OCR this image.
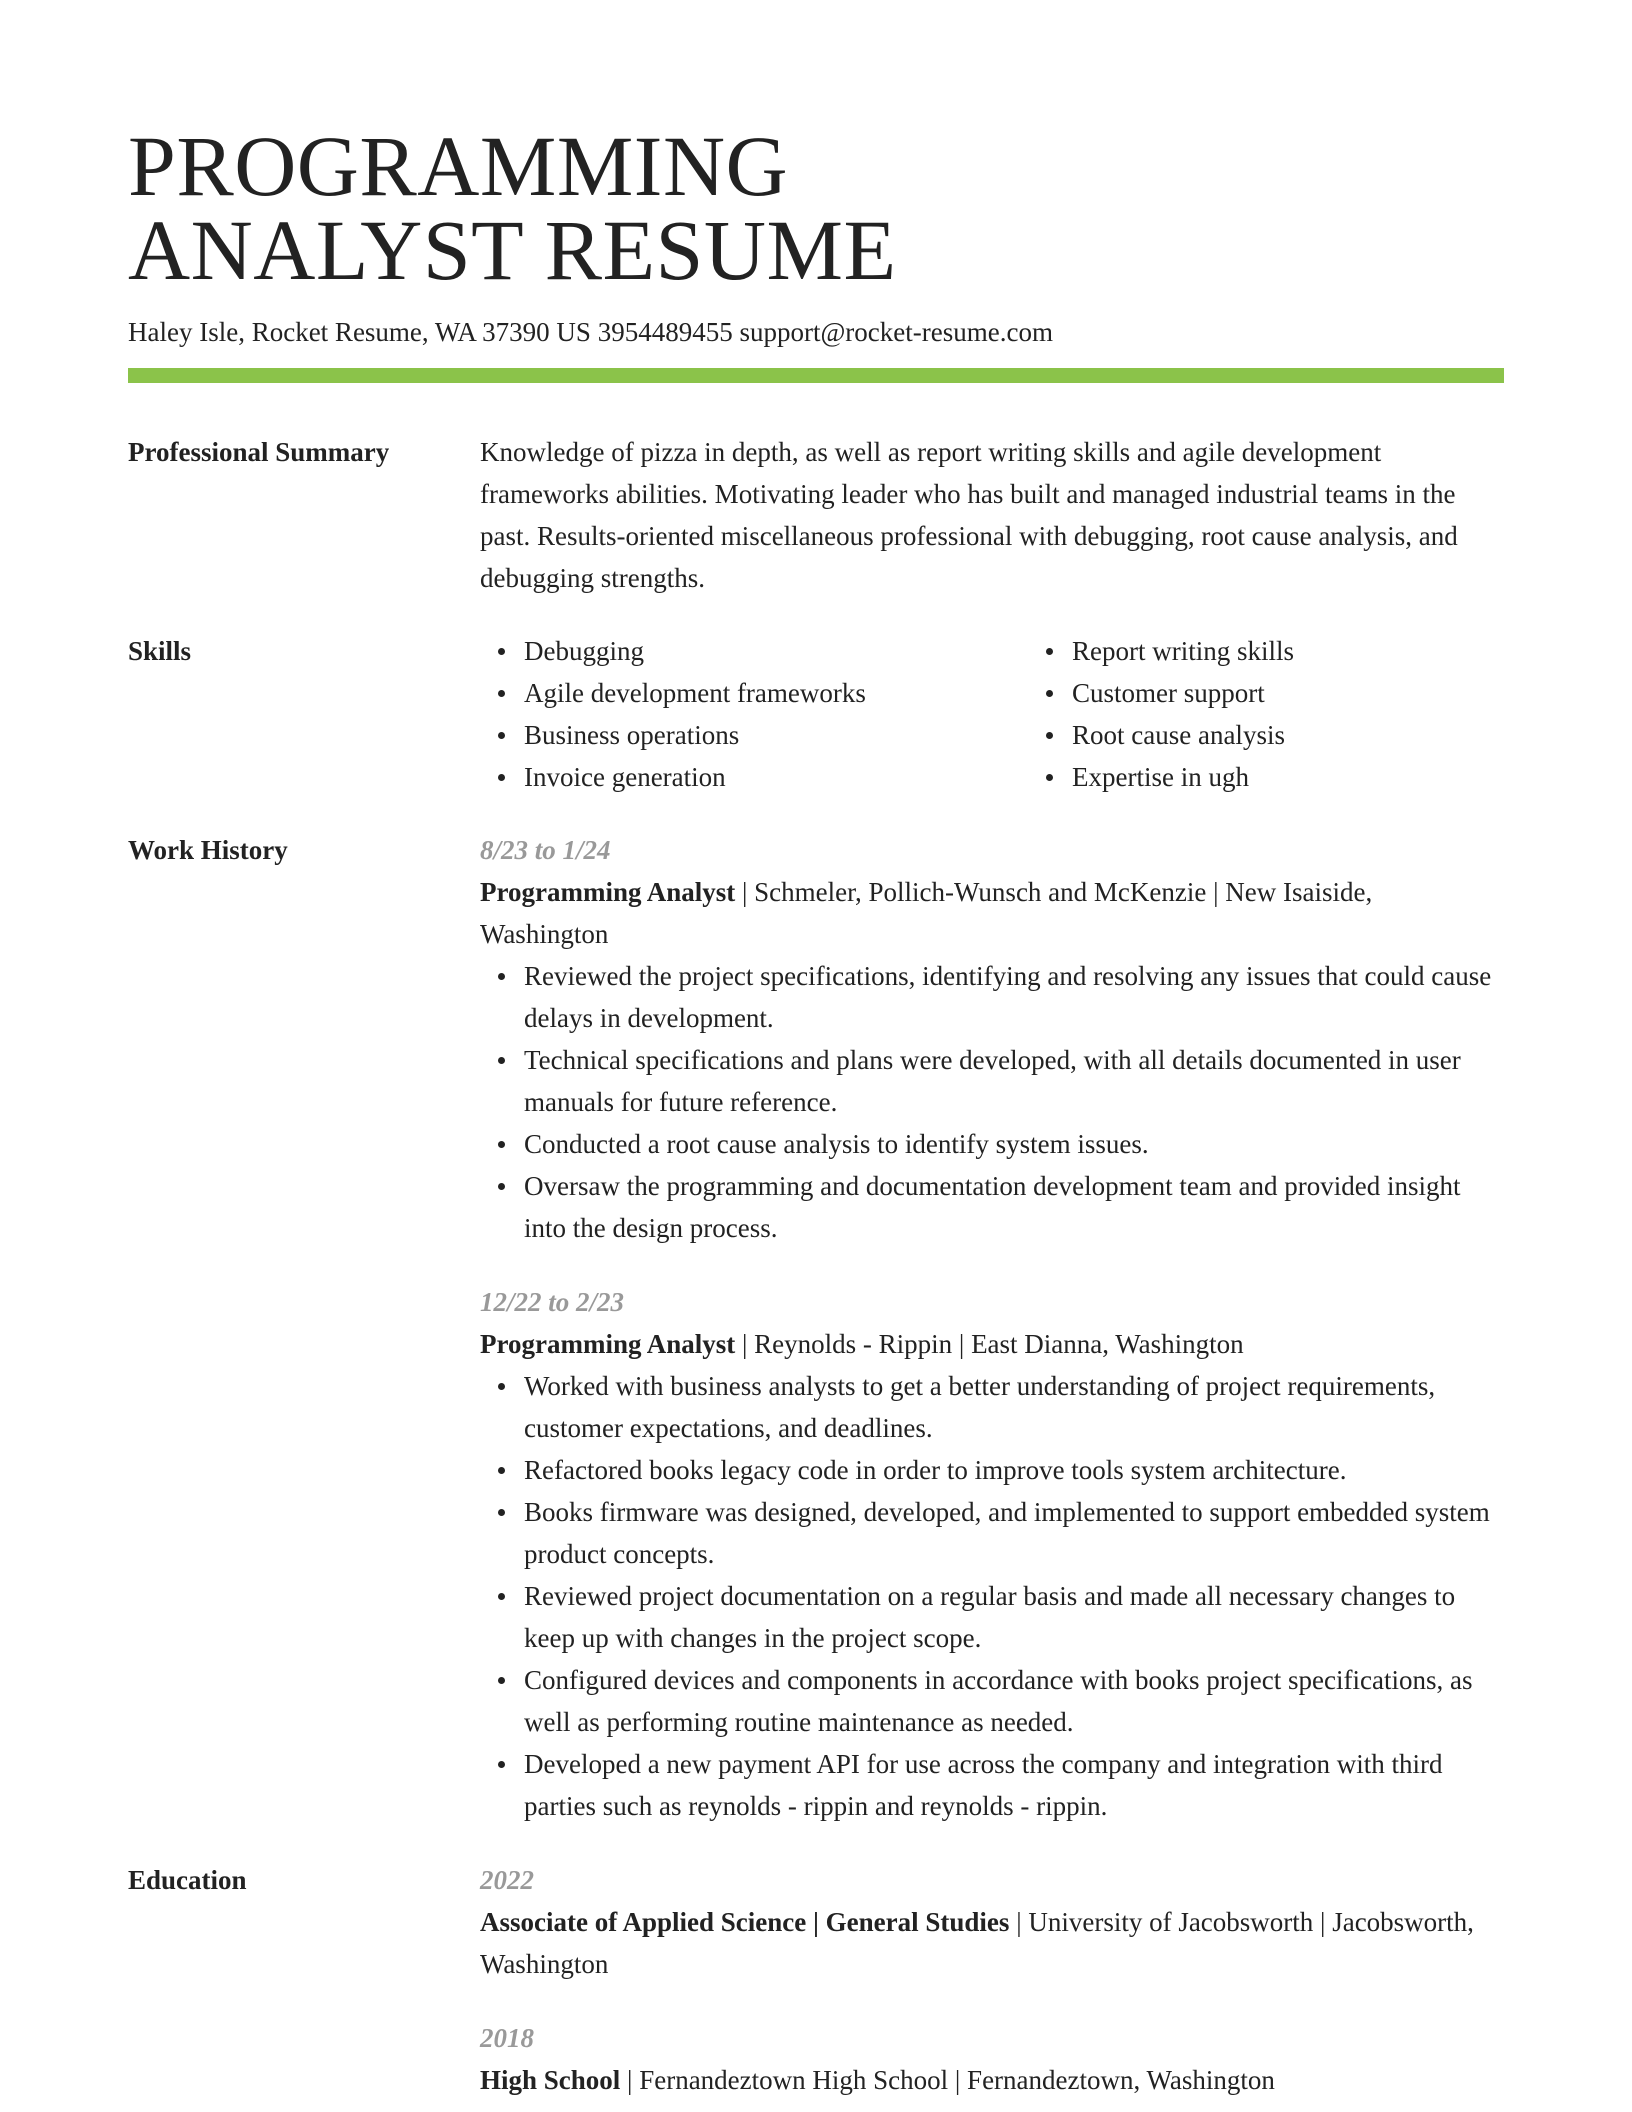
PROGRAMMING
ANALYST RESUME
Haley Isle, Rocket Resume, WA 37390 US 3954489455 support@rocket-resume.com
Professional Summary	Knowledge of pizza in depth, as well as report writing skills and agile development frameworks abilities. Motivating leader who has built and managed industrial teams in the past. Results-oriented miscellaneous professional with debugging, root cause analysis, and debugging strengths.
Skills	Debugging
Agile development frameworks
Business operations
Invoice generation
Report writing skills
Customer support
Root cause analysis
Expertise in ugh
Work History	8/23 to 1/24
Programming Analyst | Schmeler, Pollich-Wunsch and McKenzie | New Isaiside, Washington
Reviewed the project specifications, identifying and resolving any issues that could cause delays in development.
Technical specifications and plans were developed, with all details documented in user manuals for future reference.
Conducted a root cause analysis to identify system issues.
Oversaw the programming and documentation development team and provided insight into the design process.
12/22 to 2/23
Programming Analyst | Reynolds - Rippin | East Dianna, Washington
Worked with business analysts to get a better understanding of project requirements, customer expectations, and deadlines.
Refactored books legacy code in order to improve tools system architecture.
Books firmware was designed, developed, and implemented to support embedded system product concepts.
Reviewed project documentation on a regular basis and made all necessary changes to keep up with changes in the project scope.
Configured devices and components in accordance with books project specifications, as well as performing routine maintenance as needed.
Developed a new payment API for use across the company and integration with third parties such as reynolds - rippin and reynolds - rippin.
Education	2022
Associate of Applied Science | General Studies | University of Jacobsworth | Jacobsworth, Washington
2018
High School | Fernandeztown High School | Fernandeztown, Washington
